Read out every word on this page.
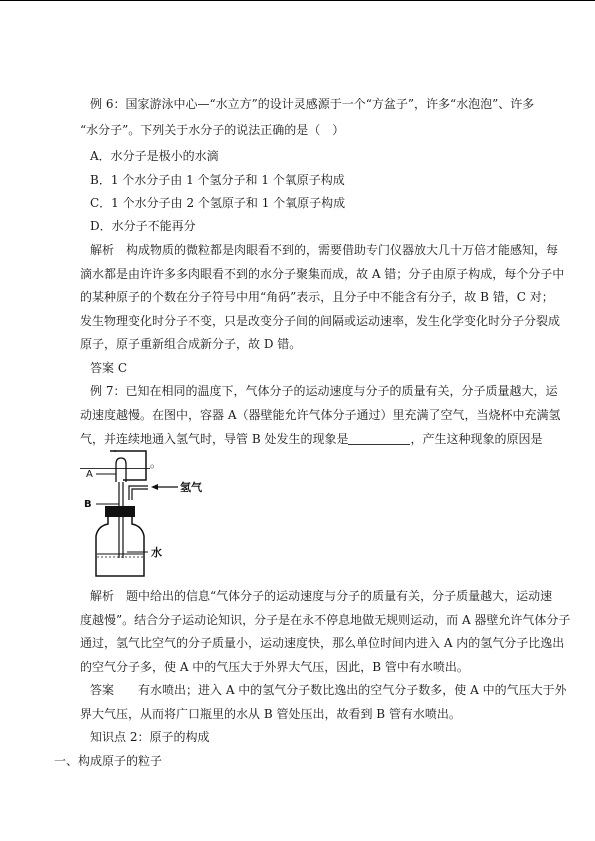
例 6：国家游泳中心—“水立方”的设计灵感源于一个“方盆子”，许多“水泡泡”、许多
“水分子”。下列关于水分子的说法正确的是（　）
A．水分子是极小的水滴
B．1 个水分子由 1 个氢分子和 1 个氧原子构成
C．1 个水分子由 2 个氢原子和 1 个氧原子构成
D．水分子不能再分
解析　构成物质的微粒都是肉眼看不到的，需要借助专门仪器放大几十万倍才能感知，每
滴水都是由许许多多肉眼看不到的水分子聚集而成，故 A 错；分子由原子构成，每个分子中
的某种原子的个数在分子符号中用“角码”表示，且分子中不能含有分子，故 B 错，C 对；
发生物理变化时分子不变，只是改变分子间的间隔或运动速率，发生化学变化时分子分裂成
原子，原子重新组合成新分子，故 D 错。
答案 C
例 7：已知在相同的温度下，气体分子的运动速度与分子的质量有关，分子质量越大，运
动速度越慢。在图中，容器 A（器壁能允许气体分子通过）里充满了空气，当烧杯中充满氢
气，并连续地通入氢气时，导管 B 处发生的现象是	，产生这种现象的原因是
。
A
B
氢气
水
解析　题中给出的信息“气体分子的运动速度与分子的质量有关，分子质量越大，运动速
度越慢”。结合分子运动论知识，分子是在永不停息地做无规则运动，而 A 器壁允许气体分子
通过，氢气比空气的分子质量小，运动速度快，那么单位时间内进入 A 内的氢气分子比逸出
的空气分子多，使 A 中的气压大于外界大气压，因此，B 管中有水喷出。
答案　　有水喷出；进入 A 中的氢气分子数比逸出的空气分子数多，使 A 中的气压大于外
界大气压，从而将广口瓶里的水从 B 管处压出，故看到 B 管有水喷出。
知识点 2：原子的构成
一、构成原子的粒子
